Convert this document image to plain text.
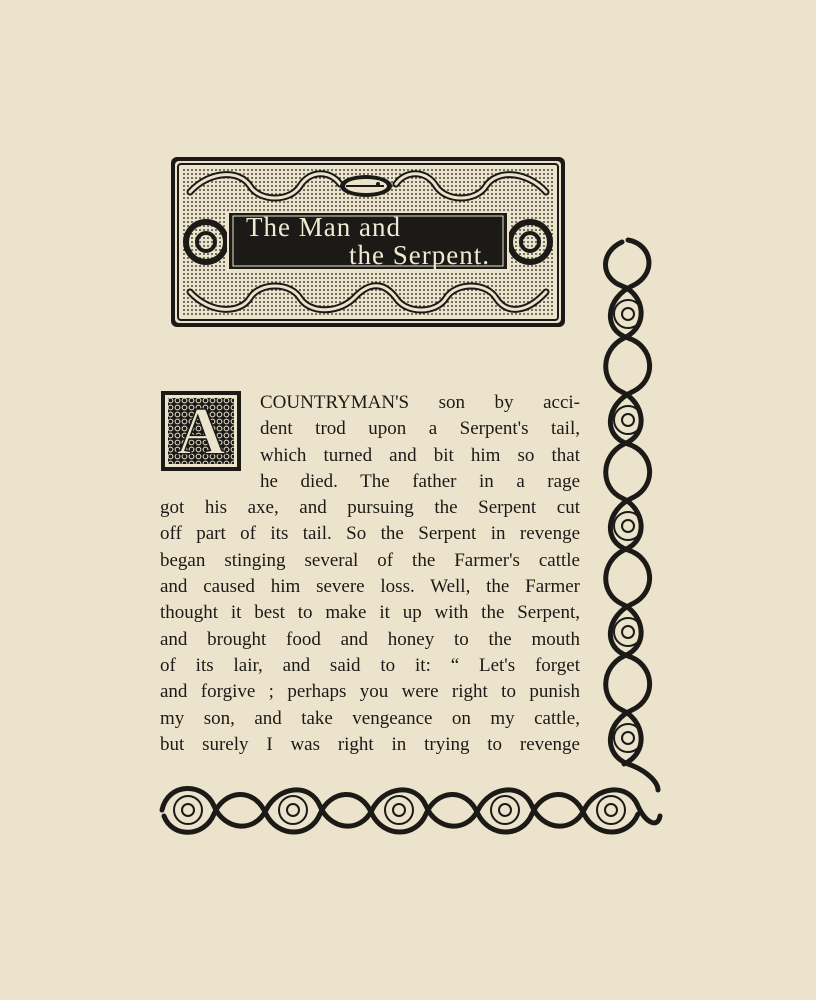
The Man and
the Serpent.
A	COUNTRYMAN'S son by acci-
dent trod upon a Serpent's tail,
which turned and bit him so that
he died. The father in a rage
got his axe, and pursuing the Serpent cut
off part of its tail. So the Serpent in revenge
began stinging several of the Farmer's cattle
and caused him severe loss. Well, the Farmer
thought it best to make it up with the Serpent,
and brought food and honey to the mouth
of its lair, and said to it: “ Let's forget
and forgive ; perhaps you were right to punish
my son, and take vengeance on my cattle,
but surely I was right in trying to revenge
